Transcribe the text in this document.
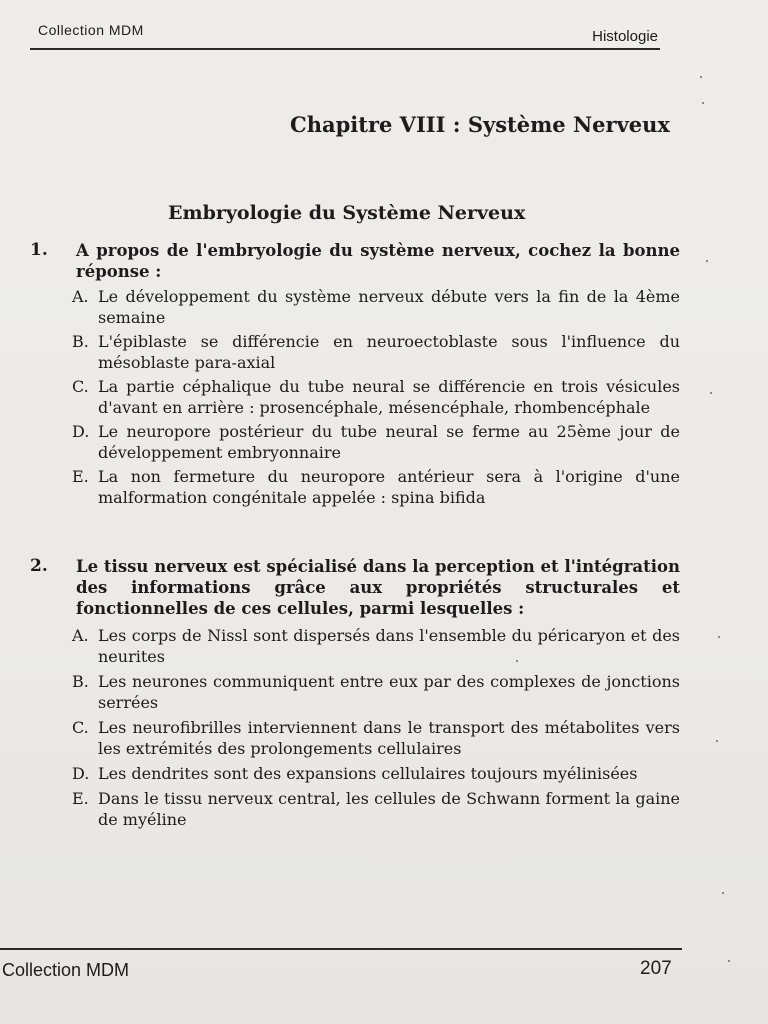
Collection MDM	Histologie
Chapitre VIII : Système Nerveux
Embryologie du Système Nerveux
1. A propos de l'embryologie du système nerveux, cochez la bonne réponse :
A. Le développement du système nerveux débute vers la fin de la 4ème semaine
B. L'épiblaste se différencie en neuroectoblaste sous l'influence du mésoblaste para-axial
C. La partie céphalique du tube neural se différencie en trois vésicules d'avant en arrière : prosencéphale, mésencéphale, rhombencéphale
D. Le neuropore postérieur du tube neural se ferme au 25ème jour de développement embryonnaire
E. La non fermeture du neuropore antérieur sera à l'origine d'une malformation congénitale appelée : spina bifida
2. Le tissu nerveux est spécialisé dans la perception et l'intégration des informations grâce aux propriétés structurales et fonctionnelles de ces cellules, parmi lesquelles :
A. Les corps de Nissl sont dispersés dans l'ensemble du péricaryon et des neurites
B. Les neurones communiquent entre eux par des complexes de jonctions serrées
C. Les neurofibrilles interviennent dans le transport des métabolites vers les extrémités des prolongements cellulaires
D. Les dendrites sont des expansions cellulaires toujours myélinisées
E. Dans le tissu nerveux central, les cellules de Schwann forment la gaine de myéline
Collection MDM	207
